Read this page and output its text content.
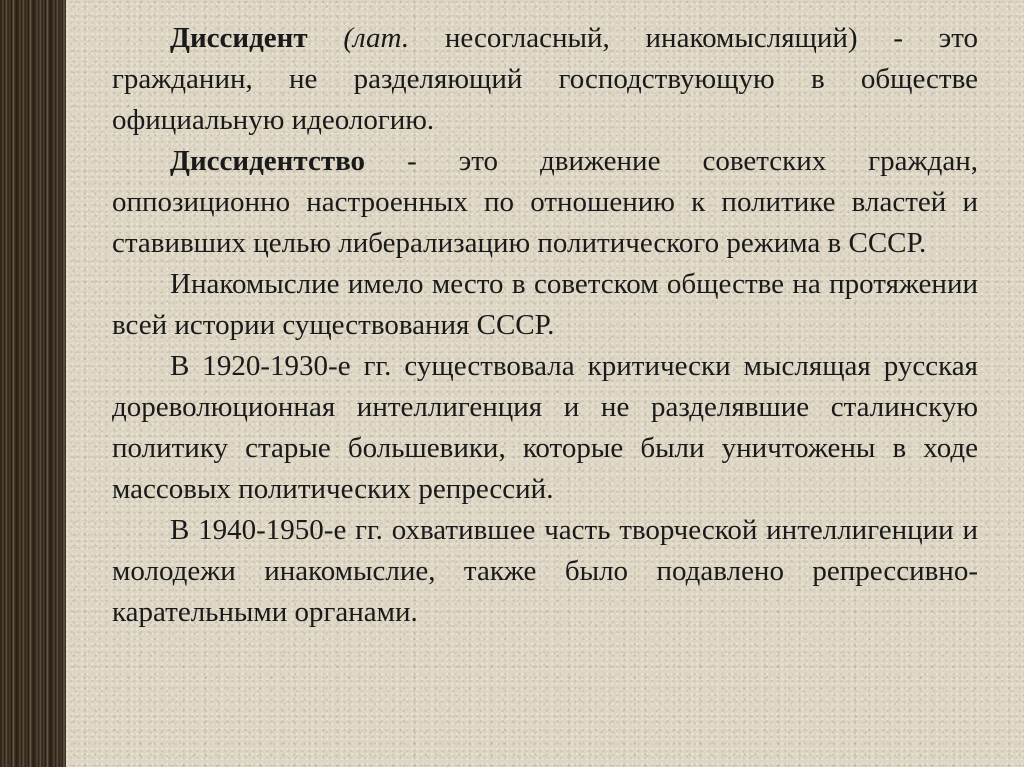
Диссидент (лат. несогласный, инакомыслящий) - это гражданин, не разделяющий господствующую в обществе официальную идеологию.

Диссидентство - это движение советских граждан, оппозиционно настроенных по отношению к политике властей и ставивших целью либерализацию политического режима в СССР.

Инакомыслие имело место в советском обществе на протяжении всей истории существования СССР.

В 1920-1930-е гг. существовала критически мыслящая русская дореволюционная интеллигенция и не разделявшие сталинскую политику старые большевики, которые были уничтожены в ходе массовых политических репрессий.

В 1940-1950-е гг. охватившее часть творческой интеллигенции и молодежи инакомыслие, также было подавлено репрессивно-карательными органами.
